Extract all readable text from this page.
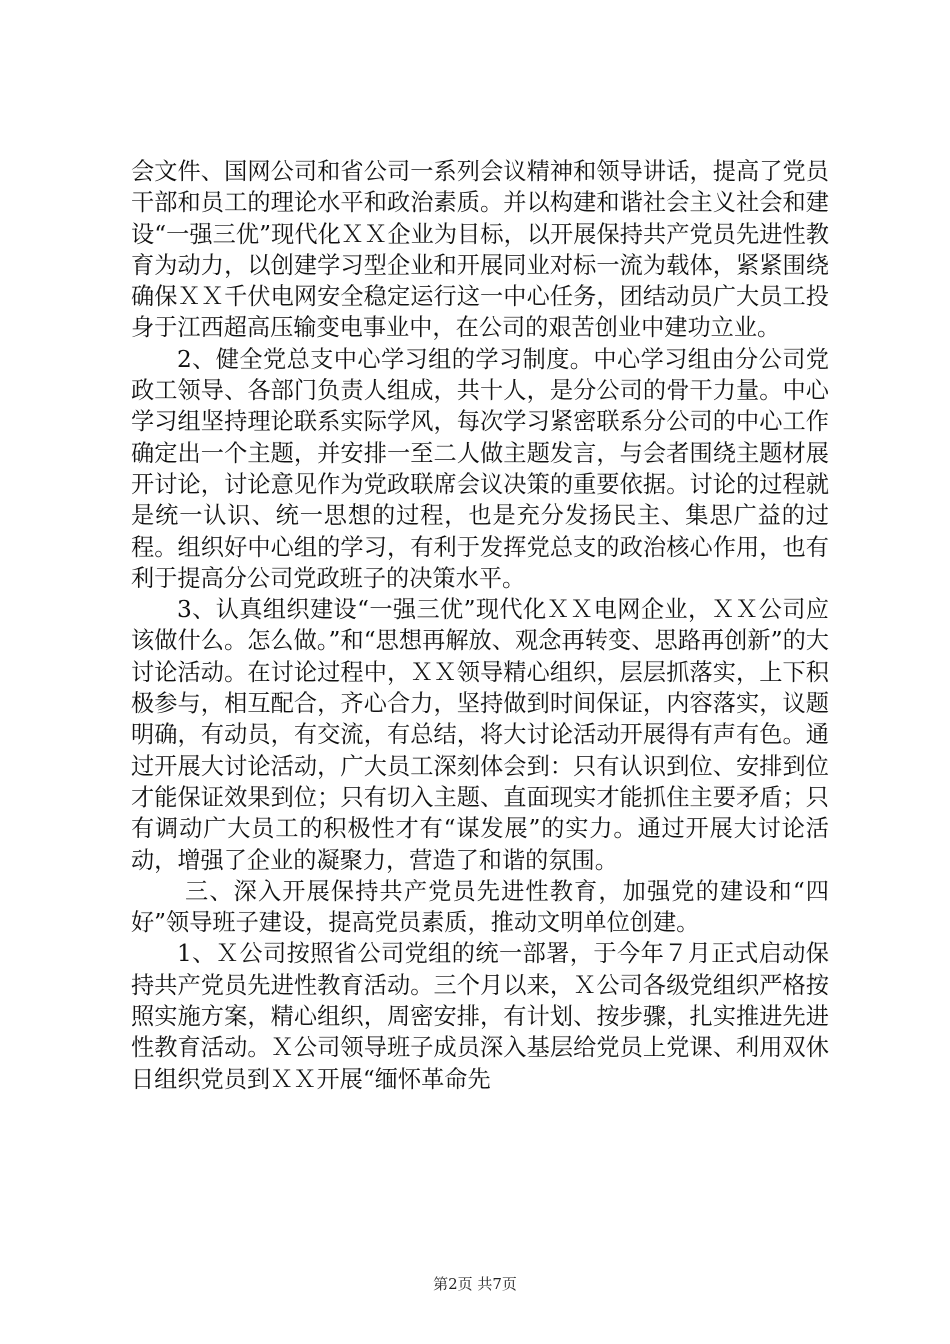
会文件、国网公司和省公司一系列会议精神和领导讲话，提高了党员干部和员工的理论水平和政治素质。并以构建和谐社会主义社会和建设“一强三优”现代化ＸＸ企业为目标，以开展保持共产党员先进性教育为动力，以创建学习型企业和开展同业对标一流为载体，紧紧围绕确保ＸＸ千伏电网安全稳定运行这一中心任务，团结动员广大员工投身于江西超高压输变电事业中，在公司的艰苦创业中建功立业。

2、健全党总支中心学习组的学习制度。中心学习组由分公司党政工领导、各部门负责人组成，共十人，是分公司的骨干力量。中心学习组坚持理论联系实际学风，每次学习紧密联系分公司的中心工作确定出一个主题，并安排一至二人做主题发言，与会者围绕主题材展开讨论，讨论意见作为党政联席会议决策的重要依据。讨论的过程就是统一认识、统一思想的过程，也是充分发扬民主、集思广益的过程。组织好中心组的学习，有利于发挥党总支的政治核心作用，也有利于提高分公司党政班子的决策水平。

3、认真组织建设“一强三优”现代化ＸＸ电网企业，ＸＸ公司应该做什么。怎么做。”和“思想再解放、观念再转变、思路再创新”的大讨论活动。在讨论过程中，ＸＸ领导精心组织，层层抓落实，上下积极参与，相互配合，齐心合力，坚持做到时间保证，内容落实，议题明确，有动员，有交流，有总结，将大讨论活动开展得有声有色。通过开展大讨论活动，广大员工深刻体会到：只有认识到位、安排到位才能保证效果到位；只有切入主题、直面现实才能抓住主要矛盾；只有调动广大员工的积极性才有“谋发展”的实力。通过开展大讨论活动，增强了企业的凝聚力，营造了和谐的氛围。

三、深入开展保持共产党员先进性教育，加强党的建设和“四好”领导班子建设，提高党员素质，推动文明单位创建。

1、Ｘ公司按照省公司党组的统一部署，于今年７月正式启动保持共产党员先进性教育活动。三个月以来，Ｘ公司各级党组织严格按照实施方案，精心组织，周密安排，有计划、按步骤，扎实推进先进性教育活动。Ｘ公司领导班子成员深入基层给党员上党课、利用双休日组织党员到ＸＸ开展“缅怀革命先

第2页 共7页
